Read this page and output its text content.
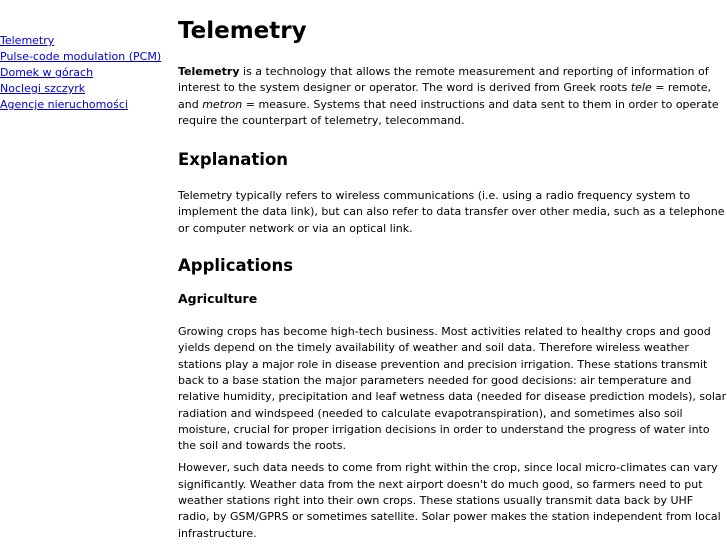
Telemetry
Pulse-code modulation (PCM)
Domek w górach
Noclegi szczyrk
Agencje nieruchomości
Telemetry

Telemetry is a technology that allows the remote measurement and reporting of information of interest to the system designer or operator. The word is derived from Greek roots tele = remote, and metron = measure. Systems that need instructions and data sent to them in order to operate require the counterpart of telemetry, telecommand.

Explanation

Telemetry typically refers to wireless communications (i.e. using a radio frequency system to implement the data link), but can also refer to data transfer over other media, such as a telephone or computer network or via an optical link.

Applications
Agriculture

Growing crops has become high-tech business. Most activities related to healthy crops and good yields depend on the timely availability of weather and soil data. Therefore wireless weather stations play a major role in disease prevention and precision irrigation. These stations transmit back to a base station the major parameters needed for good decisions: air temperature and relative humidity, precipitation and leaf wetness data (needed for disease prediction models), solar radiation and windspeed (needed to calculate evapotranspiration), and sometimes also soil moisture, crucial for proper irrigation decisions in order to understand the progress of water into the soil and towards the roots.

However, such data needs to come from right within the crop, since local micro-climates can vary significantly. Weather data from the next airport doesn't do much good, so farmers need to put weather stations right into their own crops. These stations usually transmit data back by UHF radio, by GSM/GPRS or sometimes satellite. Solar power makes the station independent from local infrastructure.
